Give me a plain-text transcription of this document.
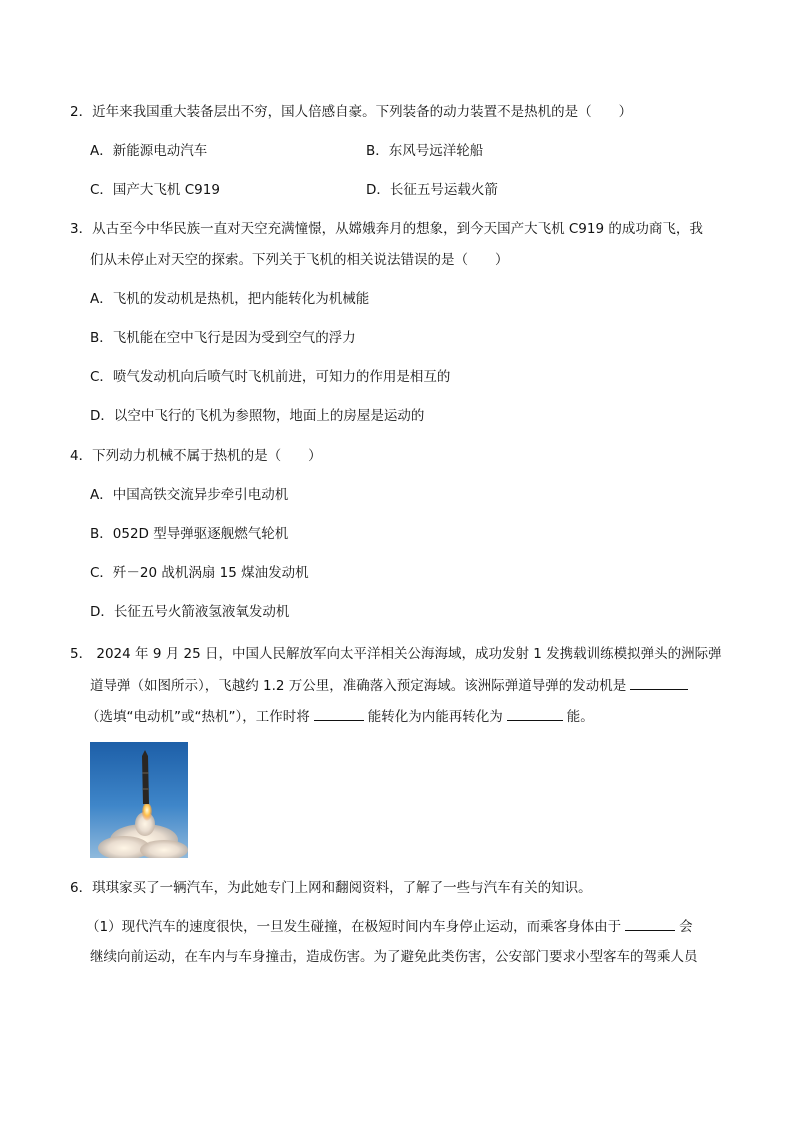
2．近年来我国重大装备层出不穷，国人倍感自豪。下列装备的动力装置不是热机的是（　　）
A．新能源电动汽车	B．东风号远洋轮船
C．国产大飞机 C919	D．长征五号运载火箭
3．从古至今中华民族一直对天空充满憧憬，从嫦娥奔月的想象，到今天国产大飞机 C919 的成功商飞，我
们从未停止对天空的探索。下列关于飞机的相关说法错误的是（　　）
A．飞机的发动机是热机，把内能转化为机械能
B．飞机能在空中飞行是因为受到空气的浮力
C．喷气发动机向后喷气时飞机前进，可知力的作用是相互的
D．以空中飞行的飞机为参照物，地面上的房屋是运动的
4．下列动力机械不属于热机的是（　　）
A．中国高铁交流异步牵引电动机
B．052D 型导弹驱逐舰燃气轮机
C．歼－20 战机涡扇 15 煤油发动机
D．长征五号火箭液氢液氧发动机
5． 2024 年 9 月 25 日，中国人民解放军向太平洋相关公海海域，成功发射 1 发携载训练模拟弹头的洲际弹
道导弹（如图所示），飞越约 1.2 万公里，准确落入预定海域。该洲际弹道导弹的发动机是
（选填“电动机”或“热机”），工作时将	能转化为内能再转化为	能。
6．琪琪家买了一辆汽车，为此她专门上网和翻阅资料，了解了一些与汽车有关的知识。
（1）现代汽车的速度很快，一旦发生碰撞，在极短时间内车身停止运动，而乘客身体由于	会
继续向前运动，在车内与车身撞击，造成伤害。为了避免此类伤害，公安部门要求小型客车的驾乘人员
